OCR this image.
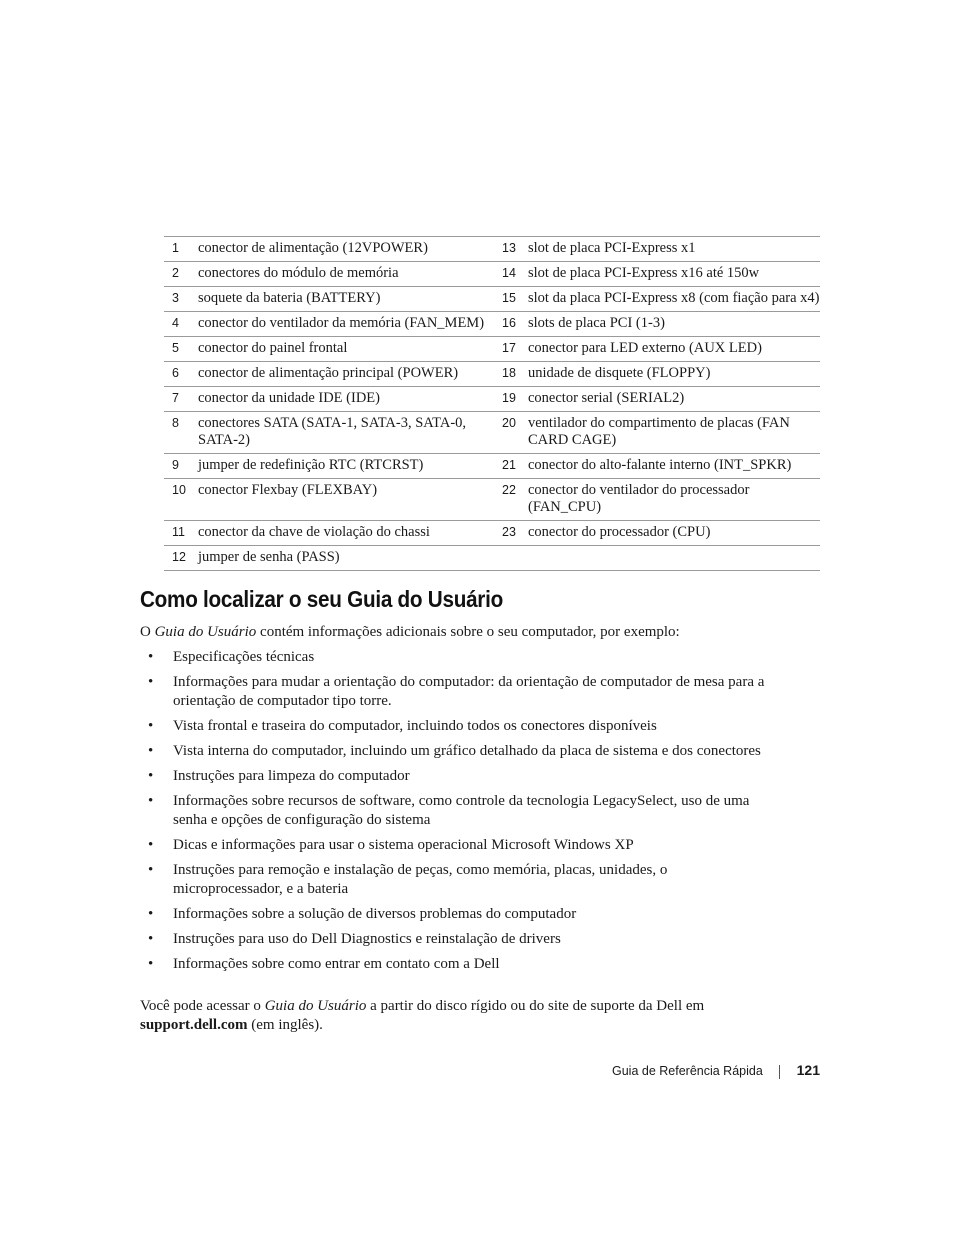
1	conector de alimentação (12VPOWER)	13	slot de placa PCI-Express x1
2	conectores do módulo de memória	14	slot de placa PCI-Express x16 até 150w
3	soquete da bateria (BATTERY)	15	slot da placa PCI-Express x8 (com fiação para x4)
4	conector do ventilador da memória (FAN_MEM)	16	slots de placa PCI (1-3)
5	conector do painel frontal	17	conector para LED externo (AUX LED)
6	conector de alimentação principal (POWER)	18	unidade de disquete (FLOPPY)
7	conector da unidade IDE (IDE)	19	conector serial (SERIAL2)
8	conectores SATA (SATA-1, SATA-3, SATA-0, SATA-2)	20	ventilador do compartimento de placas (FAN CARD CAGE)
9	jumper de redefinição RTC (RTCRST)	21	conector do alto-falante interno (INT_SPKR)
10	conector Flexbay (FLEXBAY)	22	conector do ventilador do processador (FAN_CPU)
11	conector da chave de violação do chassi	23	conector do processador (CPU)
12	jumper de senha (PASS)		
Como localizar o seu Guia do Usuário

O Guia do Usuário contém informações adicionais sobre o seu computador, por exemplo:

• Especificações técnicas
• Informações para mudar a orientação do computador: da orientação de computador de mesa para a orientação de computador tipo torre.
• Vista frontal e traseira do computador, incluindo todos os conectores disponíveis
• Vista interna do computador, incluindo um gráfico detalhado da placa de sistema e dos conectores
• Instruções para limpeza do computador
• Informações sobre recursos de software, como controle da tecnologia LegacySelect, uso de uma senha e opções de configuração do sistema
• Dicas e informações para usar o sistema operacional Microsoft Windows XP
• Instruções para remoção e instalação de peças, como memória, placas, unidades, o microprocessador, e a bateria
• Informações sobre a solução de diversos problemas do computador
• Instruções para uso do Dell Diagnostics e reinstalação de drivers
• Informações sobre como entrar em contato com a Dell

Você pode acessar o Guia do Usuário a partir do disco rígido ou do site de suporte da Dell em support.dell.com (em inglês).

Guia de Referência Rápida 121
